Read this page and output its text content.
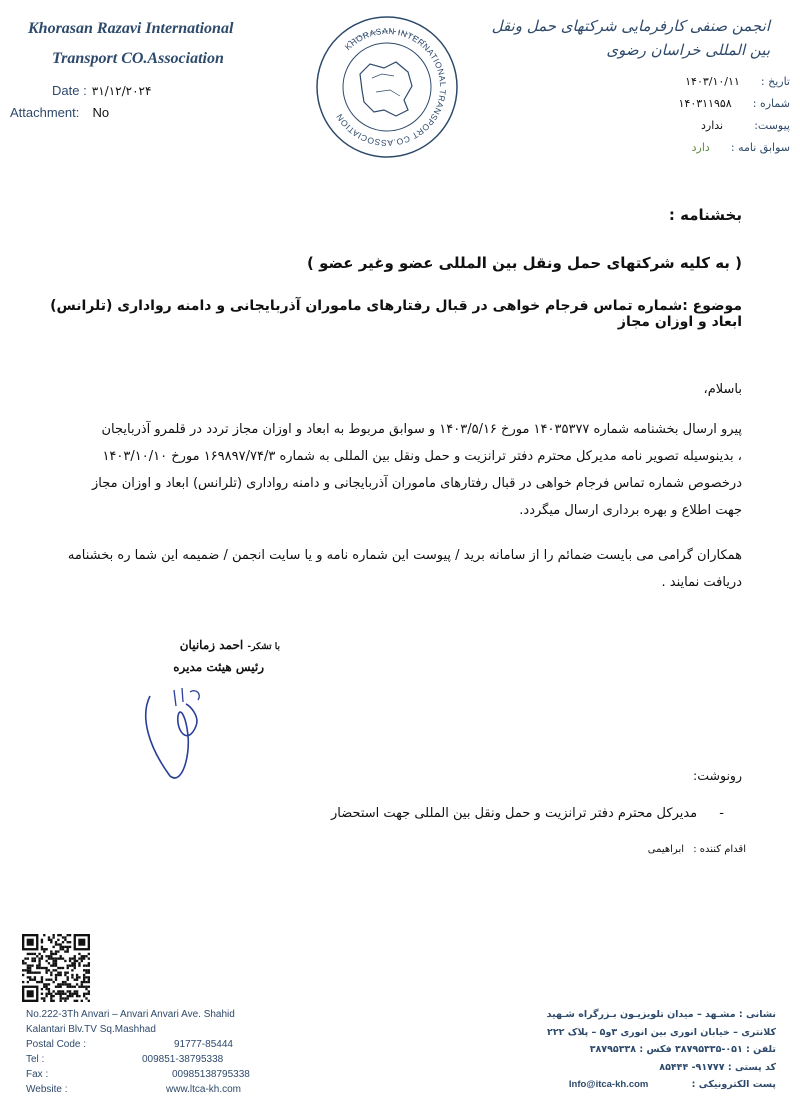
Khorasan Razavi International
Transport CO.Association
Date : ۳۱/۱۲/۲۰۲۴
Attachment: No
KHORASAN INTERNATIONAL TRANSPORT CO.ASSOCIATION
انجمن صنفی کارفرمایی شرکتهای حمل ونقل بین المللی خراسان رضوی
تاریخ : ۱۴۰۳/۱۰/۱۱
شماره : ۱۴۰۳۱۱۹۵۸
پیوست: ندارد
سوابق نامه : دارد
بخشنامه :
( به کلیه شرکتهای حمل ونقل بین المللی عضو وغیر عضو )
موضوع :شماره تماس فرجام خواهی در قبال رفتارهای ماموران آذربایجانی و دامنه رواداری (تلرانس) ابعاد و اوزان مجاز
باسلام،
پیرو ارسال بخشنامه شماره ۱۴۰۳۵۳۷۷ مورخ ۱۴۰۳/۵/۱۶ و سوابق مربوط به ابعاد و اوزان مجاز تردد در قلمرو آذربایجان
، بدینوسیله تصویر نامه مدیرکل محترم دفتر ترانزیت و حمل ونقل بین المللی به شماره ۱۶۹۸۹۷/۷۴/۳ مورخ ۱۴۰۳/۱۰/۱۰
درخصوص شماره تماس فرجام خواهی در قبال رفتارهای ماموران آذربایجانی و دامنه رواداری (تلرانس) ابعاد و اوزان مجاز
جهت اطلاع و بهره برداری ارسال میگردد.
همکاران گرامی می بایست ضمائم را از سامانه برید / پیوست این شماره نامه و یا سایت انجمن / ضمیمه این شما ره بخشنامه
دریافت نمایند .
با تشکر- احمد زمانیان
رئیس هیئت مدیره
رونوشت:
- مدیرکل محترم دفتر ترانزیت و حمل ونقل بین المللی جهت استحضار
اقدام کننده : ابراهیمی
No.222-3Th Anvari – Anvari Anvari Ave. Shahid
Kalantari Blv.TV Sq.Mashhad
Postal Code :	91777-85444
Tel :	009851-38795338
Fax :	00985138795338
Website :	www.ltca-kh.com
نشانی : مشـهد – میدان تلویزیـون بـزرگراه شـهید
کلانتری – خیابان انوری بین انوری ۳و۵ – پلاک ۲۲۲
تلفن : ۰۵۱-۳۸۷۹۵۳۳۵ فکس : ۳۸۷۹۵۳۳۸
کد پستی : ۹۱۷۷۷- ۸۵۴۴۴
پست الکترونیکی : Info@itca-kh.com
